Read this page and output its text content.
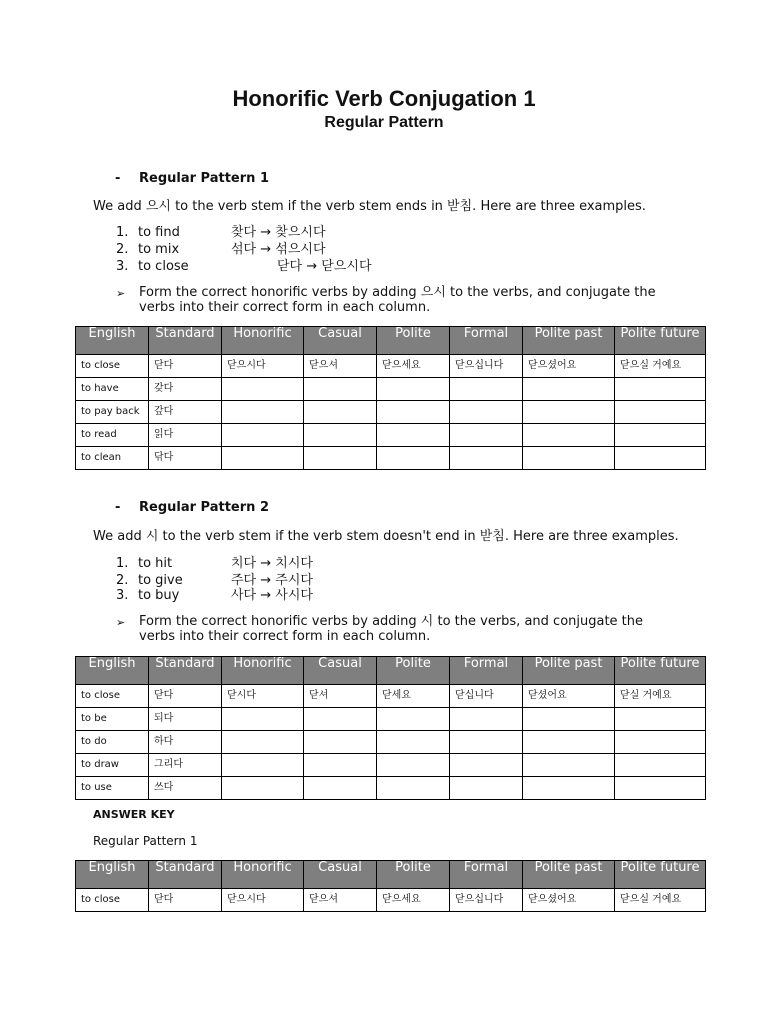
Honorific Verb Conjugation 1
Regular Pattern
- Regular Pattern 1
We add 으시 to the verb stem if the verb stem ends in 받침. Here are three examples.
1. to find	찾다 → 찾으시다
2. to mix	섞다 → 섞으시다
3. to close	닫다 → 닫으시다
➢ Form the correct honorific verbs by adding 으시 to the verbs, and conjugate the verbs into their correct form in each column.
English	Standard	Honorific	Casual	Polite	Formal	Polite past	Polite future
to close	닫다	닫으시다	닫으셔	닫으세요	닫으십니다	닫으셨어요	닫으실 거예요
to have	갖다						
to pay back	갚다						
to read	읽다						
to clean	닦다						
- Regular Pattern 2
We add 시 to the verb stem if the verb stem doesn't end in 받침. Here are three examples.
1. to hit	치다 → 치시다
2. to give	주다 → 주시다
3. to buy	사다 → 사시다
➢ Form the correct honorific verbs by adding 시 to the verbs, and conjugate the verbs into their correct form in each column.
English	Standard	Honorific	Casual	Polite	Formal	Polite past	Polite future
to close	닫다	닫시다	닫셔	닫세요	닫십니다	닫셨어요	닫실 거예요
to be	되다						
to do	하다						
to draw	그리다						
to use	쓰다						
ANSWER KEY
Regular Pattern 1
English	Standard	Honorific	Casual	Polite	Formal	Polite past	Polite future
to close	닫다	닫으시다	닫으셔	닫으세요	닫으십니다	닫으셨어요	닫으실 거예요
